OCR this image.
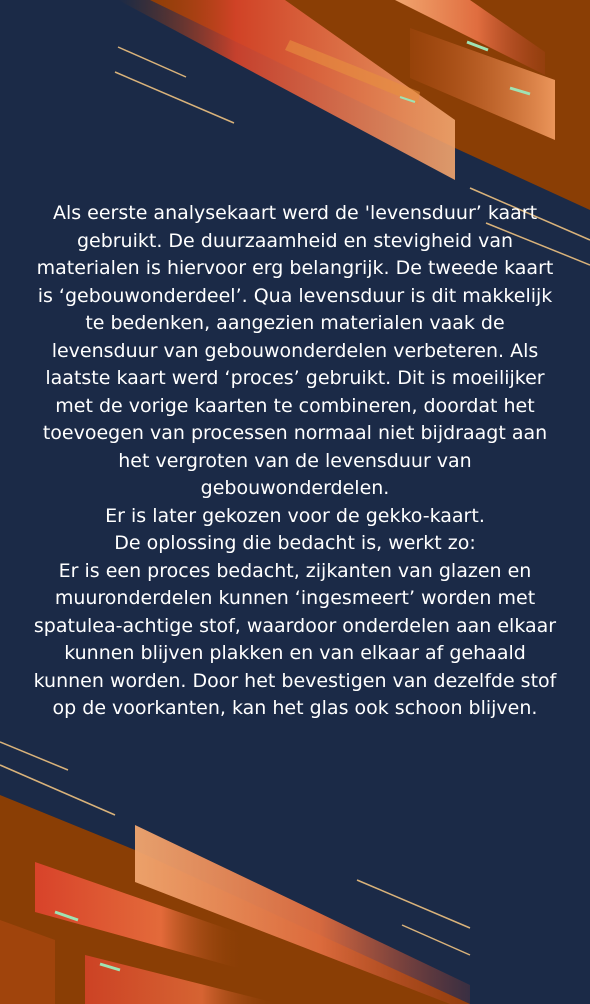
Als eerste analysekaart werd de 'levensduur’ kaart gebruikt. De duurzaamheid en stevigheid van materialen is hiervoor erg belangrijk. De tweede kaart is ‘gebouwonderdeel’. Qua levensduur is dit makkelijk te bedenken, aangezien materialen vaak de levensduur van gebouwonderdelen verbeteren. Als laatste kaart werd ‘proces’ gebruikt. Dit is moeilijker met de vorige kaarten te combineren, doordat het toevoegen van processen normaal niet bijdraagt aan het vergroten van de levensduur van gebouwonderdelen.

Er is later gekozen voor de gekko-kaart.

De oplossing die bedacht is, werkt zo:

Er is een proces bedacht, zijkanten van glazen en muuronderdelen kunnen ‘ingesmeert’ worden met spatulea-achtige stof, waardoor onderdelen aan elkaar kunnen blijven plakken en van elkaar af gehaald kunnen worden. Door het bevestigen van dezelfde stof op de voorkanten, kan het glas ook schoon blijven.
